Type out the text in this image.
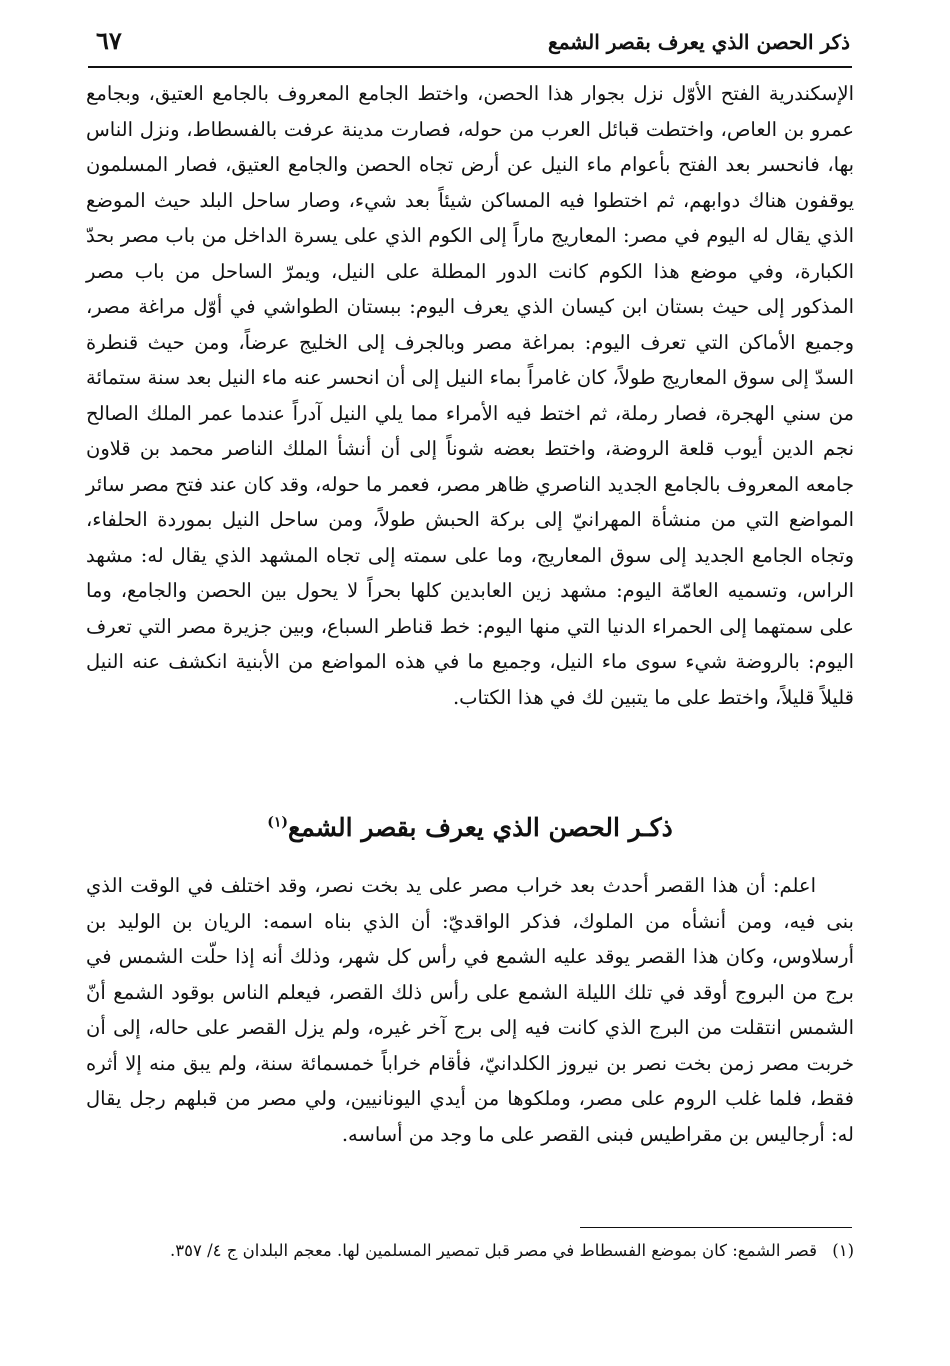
ذكر الحصن الذي يعرف بقصر الشمع
٦٧

الإسكندرية الفتح الأوّل نزل بجوار هذا الحصن، واختط الجامع المعروف بالجامع العتيق، وبجامع عمرو بن العاص، واختطت قبائل العرب من حوله، فصارت مدينة عرفت بالفسطاط، ونزل الناس بها، فانحسر بعد الفتح بأعوام ماء النيل عن أرض تجاه الحصن والجامع العتيق، فصار المسلمون يوقفون هناك دوابهم، ثم اختطوا فيه المساكن شيئاً بعد شيء، وصار ساحل البلد حيث الموضع الذي يقال له اليوم في مصر: المعاريج ماراً إلى الكوم الذي على يسرة الداخل من باب مصر بحدّ الكبارة، وفي موضع هذا الكوم كانت الدور المطلة على النيل، ويمرّ الساحل من باب مصر المذكور إلى حيث بستان ابن كيسان الذي يعرف اليوم: ببستان الطواشي في أوّل مراغة مصر، وجميع الأماكن التي تعرف اليوم: بمراغة مصر وبالجرف إلى الخليج عرضاً، ومن حيث قنطرة السدّ إلى سوق المعاريج طولاً، كان غامراً بماء النيل إلى أن انحسر عنه ماء النيل بعد سنة ستمائة من سني الهجرة، فصار رملة، ثم اختط فيه الأمراء مما يلي النيل آدراً عندما عمر الملك الصالح نجم الدين أيوب قلعة الروضة، واختط بعضه شوناً إلى أن أنشأ الملك الناصر محمد بن قلاون جامعه المعروف بالجامع الجديد الناصري ظاهر مصر، فعمر ما حوله، وقد كان عند فتح مصر سائر المواضع التي من منشأة المهرانيّ إلى بركة الحبش طولاً، ومن ساحل النيل بموردة الحلفاء، وتجاه الجامع الجديد إلى سوق المعاريج، وما على سمته إلى تجاه المشهد الذي يقال له: مشهد الراس، وتسميه العامّة اليوم: مشهد زين العابدين كلها بحراً لا يحول بين الحصن والجامع، وما على سمتهما إلى الحمراء الدنيا التي منها اليوم: خط قناطر السباع، وبين جزيرة مصر التي تعرف اليوم: بالروضة شيء سوى ماء النيل، وجميع ما في هذه المواضع من الأبنية انكشف عنه النيل قليلاً قليلاً، واختط على ما يتبين لك في هذا الكتاب.

ذكـر الحصن الذي يعرف بقصر الشمع$^{(١)}$

اعلم: أن هذا القصر أحدث بعد خراب مصر على يد بخت نصر، وقد اختلف في الوقت الذي بنى فيه، ومن أنشأه من الملوك، فذكر الواقديّ: أن الذي بناه اسمه: الريان بن الوليد بن أرسلاوس، وكان هذا القصر يوقد عليه الشمع في رأس كل شهر، وذلك أنه إذا حلّت الشمس في برج من البروج أوقد في تلك الليلة الشمع على رأس ذلك القصر، فيعلم الناس بوقود الشمع أنّ الشمس انتقلت من البرج الذي كانت فيه إلى برج آخر غيره، ولم يزل القصر على حاله، إلى أن خربت مصر زمن بخت نصر بن نيروز الكلدانيّ، فأقام خراباً خمسمائة سنة، ولم يبق منه إلا أثره فقط، فلما غلب الروم على مصر، وملكوها من أيدي اليونانيين، ولي مصر من قبلهم رجل يقال له: أرجاليس بن مقراطيس فبنى القصر على ما وجد من أساسه.

(١) قصر الشمع: كان بموضع الفسطاط في مصر قبل تمصير المسلمين لها. معجم البلدان ج ٤/ ٣٥٧.
